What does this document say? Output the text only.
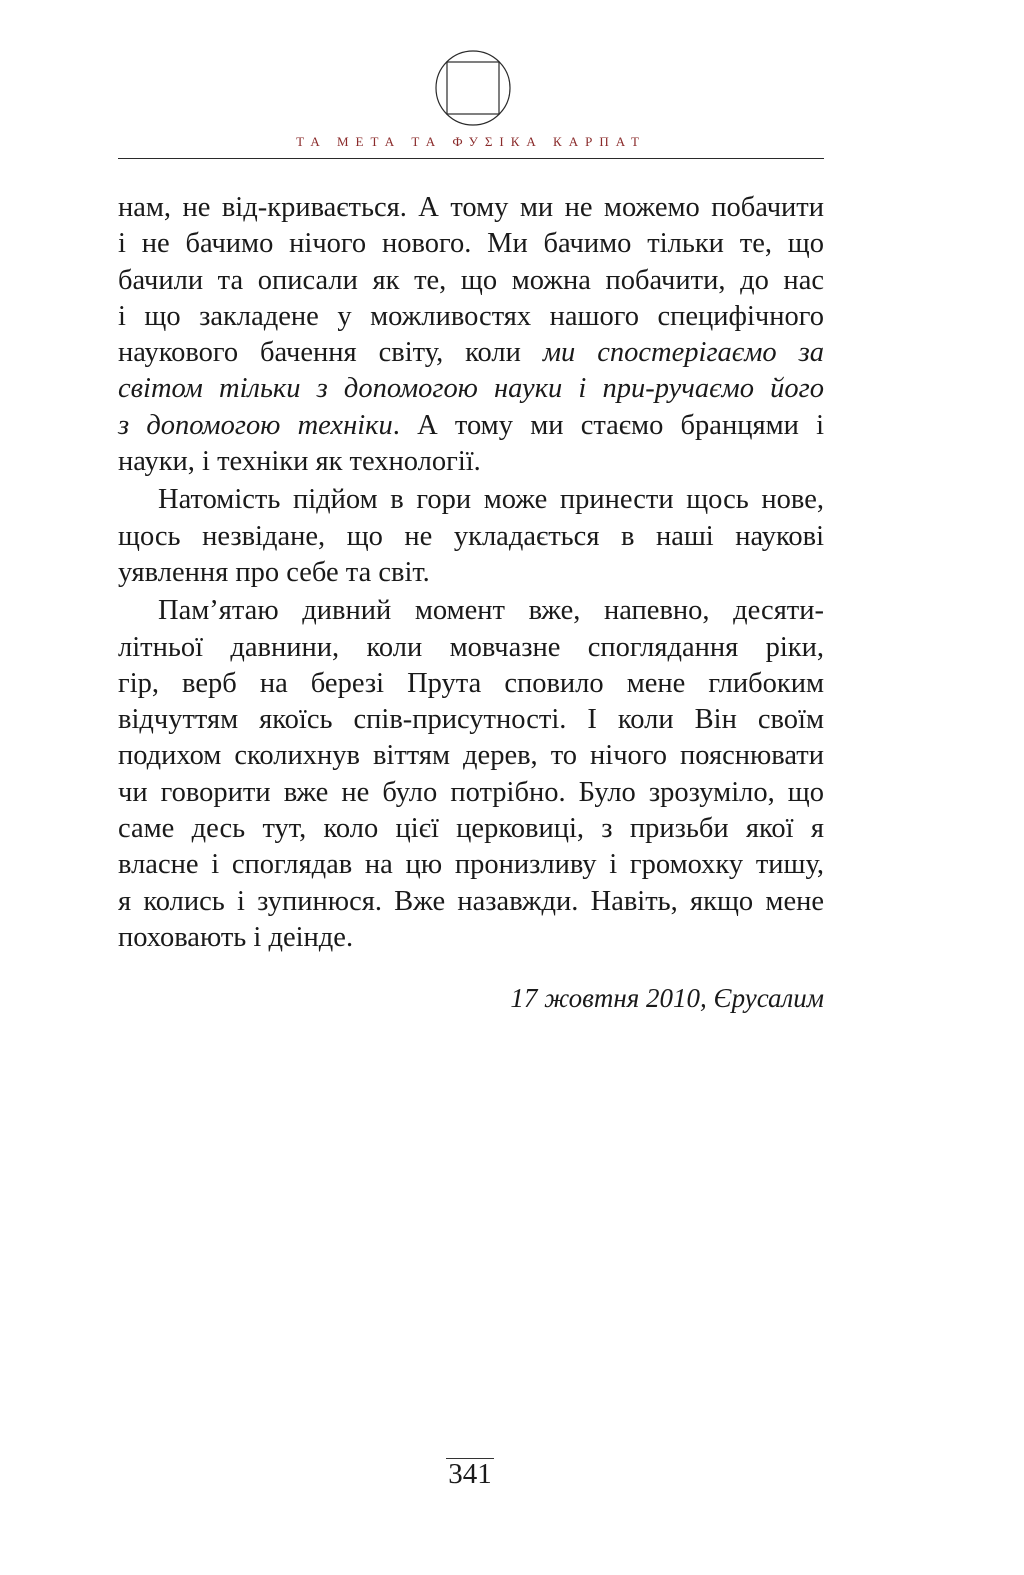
ТА МЕТА ТА ФУΣІКА КАРПАТ

нам, не від-кривається. А тому ми не можемо побачити

і не бачимо нічого нового. Ми бачимо тільки те, що

бачили та описали як те, що можна побачити, до нас

і що закладене у можливостях нашого специфічного

наукового бачення світу, коли ми спостерігаємо за

світом тільки з допомогою науки і при-ручаємо його

з допомогою техніки. А тому ми стаємо бранцями і

науки, і техніки як технології.

Натомість підйом в гори може принести щось нове,

щось незвідане, що не укладається в наші наукові

уявлення про себе та світ.

Пам’ятаю дивний момент вже, напевно, десяти-

літньої давнини, коли мовчазне споглядання ріки,

гір, верб на березі Прута сповило мене глибоким

відчуттям якоїсь спів-присутності. І коли Він своїм

подихом сколихнув віттям дерев, то нічого пояснювати

чи говорити вже не було потрібно. Було зрозуміло, що

саме десь тут, коло цієї церковиці, з призьби якої я

власне і споглядав на цю пронизливу і громохку тишу,

я колись і зупинюся. Вже назавжди. Навіть, якщо мене

поховають і деінде.

17 жовтня 2010, Єрусалим
341
